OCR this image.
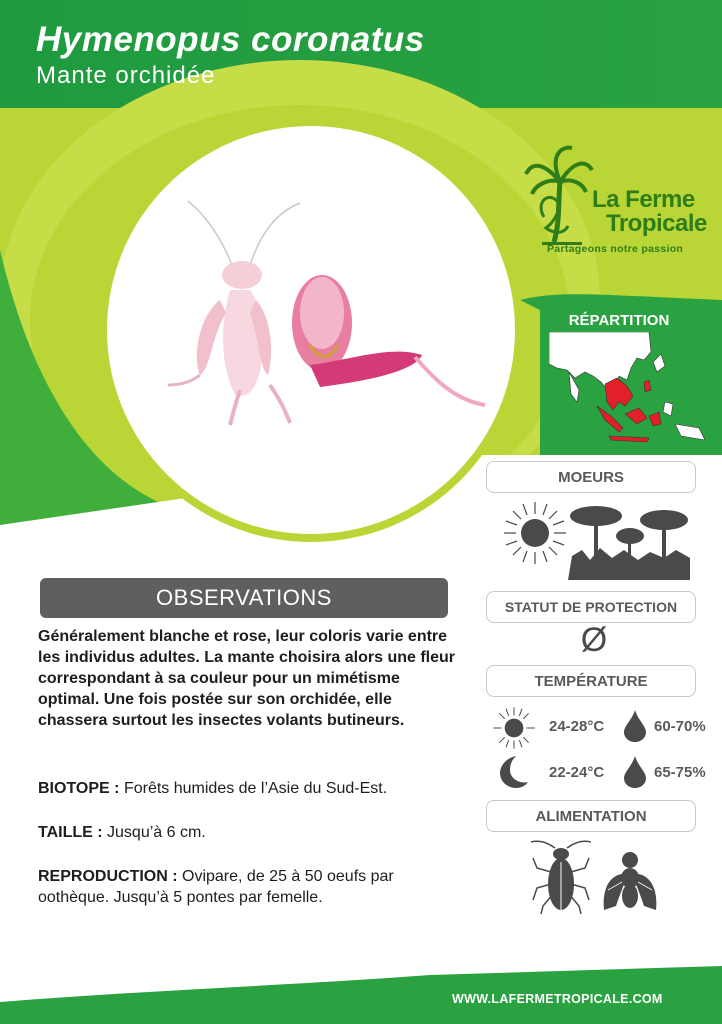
Hymenopus coronatus
Mante orchidée
La Ferme
Tropicale
Partageons notre passion
RÉPARTITION
MOEURS
STATUT DE PROTECTION
Ø
TEMPÉRATURE
24-28°C	60-70%
22-24°C	65-75%
ALIMENTATION
OBSERVATIONS
Généralement blanche et rose, leur coloris varie entre les individus adultes. La mante choisira alors une fleur correspondant à sa couleur pour un mimétisme optimal. Une fois postée sur son orchidée, elle chassera surtout les insectes volants butineurs.
BIOTOPE : Forêts humides de l’Asie du Sud-Est.
TAILLE : Jusqu’à 6 cm.
REPRODUCTION : Ovipare, de 25 à 50 oeufs par oothèque. Jusqu’à 5 pontes par femelle.
WWW.LAFERMETROPICALE.COM
